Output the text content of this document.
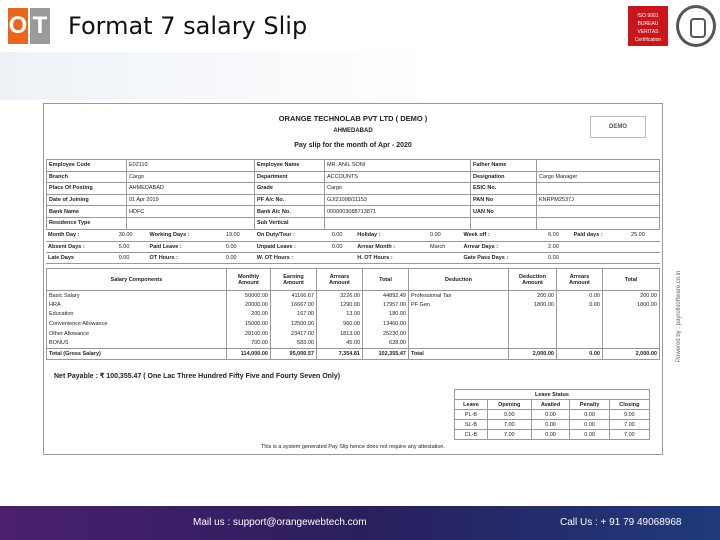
O T Format 7 salary Slip	ISO 9001 BUREAU VERITAS Certification
ORANGE TECHNOLAB PVT LTD ( DEMO )
AHMEDABAD
Pay slip for the month of Apr - 2020
DEMO
Employee Code	E02110	Employee Name	MR. ANIL SONI	Father Name	
Branch	Cargo	Department	ACCOUNTS	Designation	Cargo Manager
Place Of Posting	AHMEDABAD	Grade	Cargo	ESIC No.	
Date of Joining	01 Apr 2019	PF A/c No.	GJ/21098/11153	PAN No	KNRPM2537J
Bank Name	HDFC	Bank A/c No.	0000003088713871	UAN No	
Residence Type		Sub Vertical			
Month Day :	30.00	Working Days :	19.00	On Duty/Tour :	0.00	Holiday :	0.00	Week off :	6.00	Paid days :	25.00
Absent Days :	5.00	Paid Leave :	0.00	Unpaid Leave :	0.00	Arrear Month :	March	Arrear Days :	2.00		
Late Days	0.00	OT Hours :	0.00	W. OT Hours :		H. OT Hours :		Gate Pass Days :	0.00		
Salary Components	Monthly Amount	Earning Amount	Arrears Amount	Total	Deduction	Deduction Amount	Arrears Amount	Total
Basic Salary	50000.00	41166.67	3226.00	44892.49	Professional Tax	200.00	0.00	200.00
HRA	20000.00	16667.00	1290.00	17957.00	PF Gen	1800.00	0.00	1800.00
Education	200.00	167.00	13.00	180.00				
Convenience Allowance	15000.00	12500.00	960.00	13460.00				
Other Allowance	28100.00	23417.00	1813.00	25230.00				
BONUS	700.00	583.00	45.00	628.00				
Total (Gross Salary)	114,000.00	95,000.57	7,354.81	102,355.47	Total	2,000.00	0.00	2,000.00
Net Payable : ₹ 100,355.47 ( One Lac Three Hundred Fifty Five and Fourty Seven Only)
Leave Status				
Leave	Opening	Availed	Penalty	Closing
PL-B	9.00	0.00	0.00	9.00
SL-B	7.00	0.00	0.00	7.00
CL-B	7.00	0.00	0.00	7.00
This is a system generated Pay Slip hence does not require any attestation.
Powered by : payrollsoftware.co.in
Mail us : support@orangewebtech.com	Call Us : + 91 79 49068968
